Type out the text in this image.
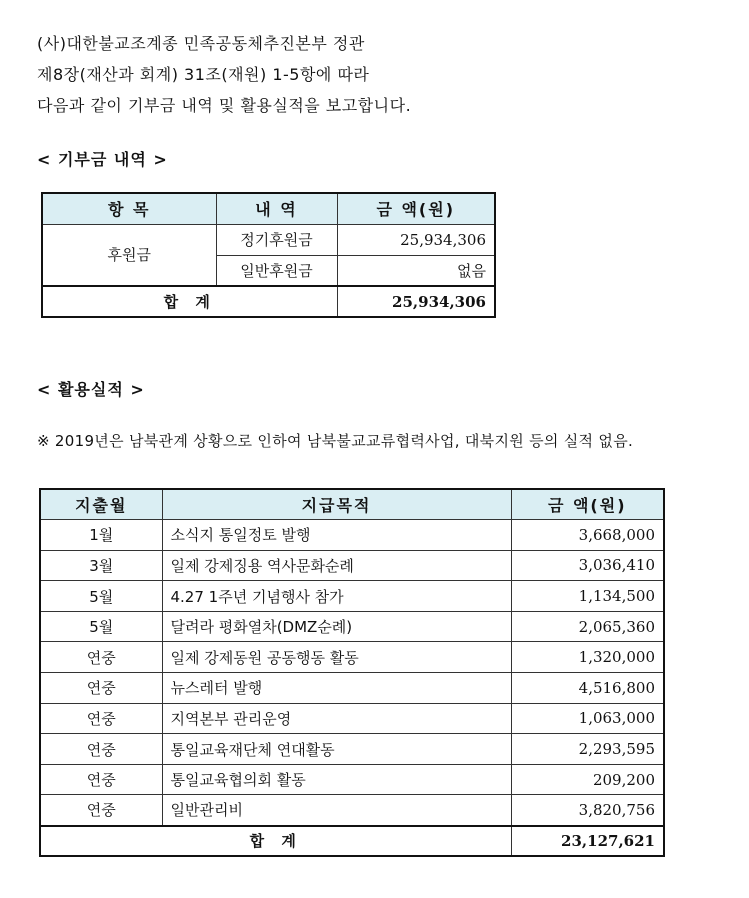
(사)대한불교조계종 민족공동체추진본부 정관
제8장(재산과 회계) 31조(재원) 1-5항에 따라
다음과 같이 기부금 내역 및 활용실적을 보고합니다.
< 기부금 내역 >
항 목	내 역	금 액(원)
후원금	정기후원금	25,934,306
	일반후원금	없음
합 계		25,934,306
< 활용실적 >
※ 2019년은 남북관계 상황으로 인하여 남북불교교류협력사업, 대북지원 등의 실적 없음.
지출월	지급목적	금 액(원)
1월	소식지 통일정토 발행	3,668,000
3월	일제 강제징용 역사문화순례	3,036,410
5월	4.27 1주년 기념행사 참가	1,134,500
5월	달려라 평화열차(DMZ순례)	2,065,360
연중	일제 강제동원 공동행동 활동	1,320,000
연중	뉴스레터 발행	4,516,800
연중	지역본부 관리운영	1,063,000
연중	통일교육재단체 연대활동	2,293,595
연중	통일교육협의회 활동	209,200
연중	일반관리비	3,820,756
합 계		23,127,621
